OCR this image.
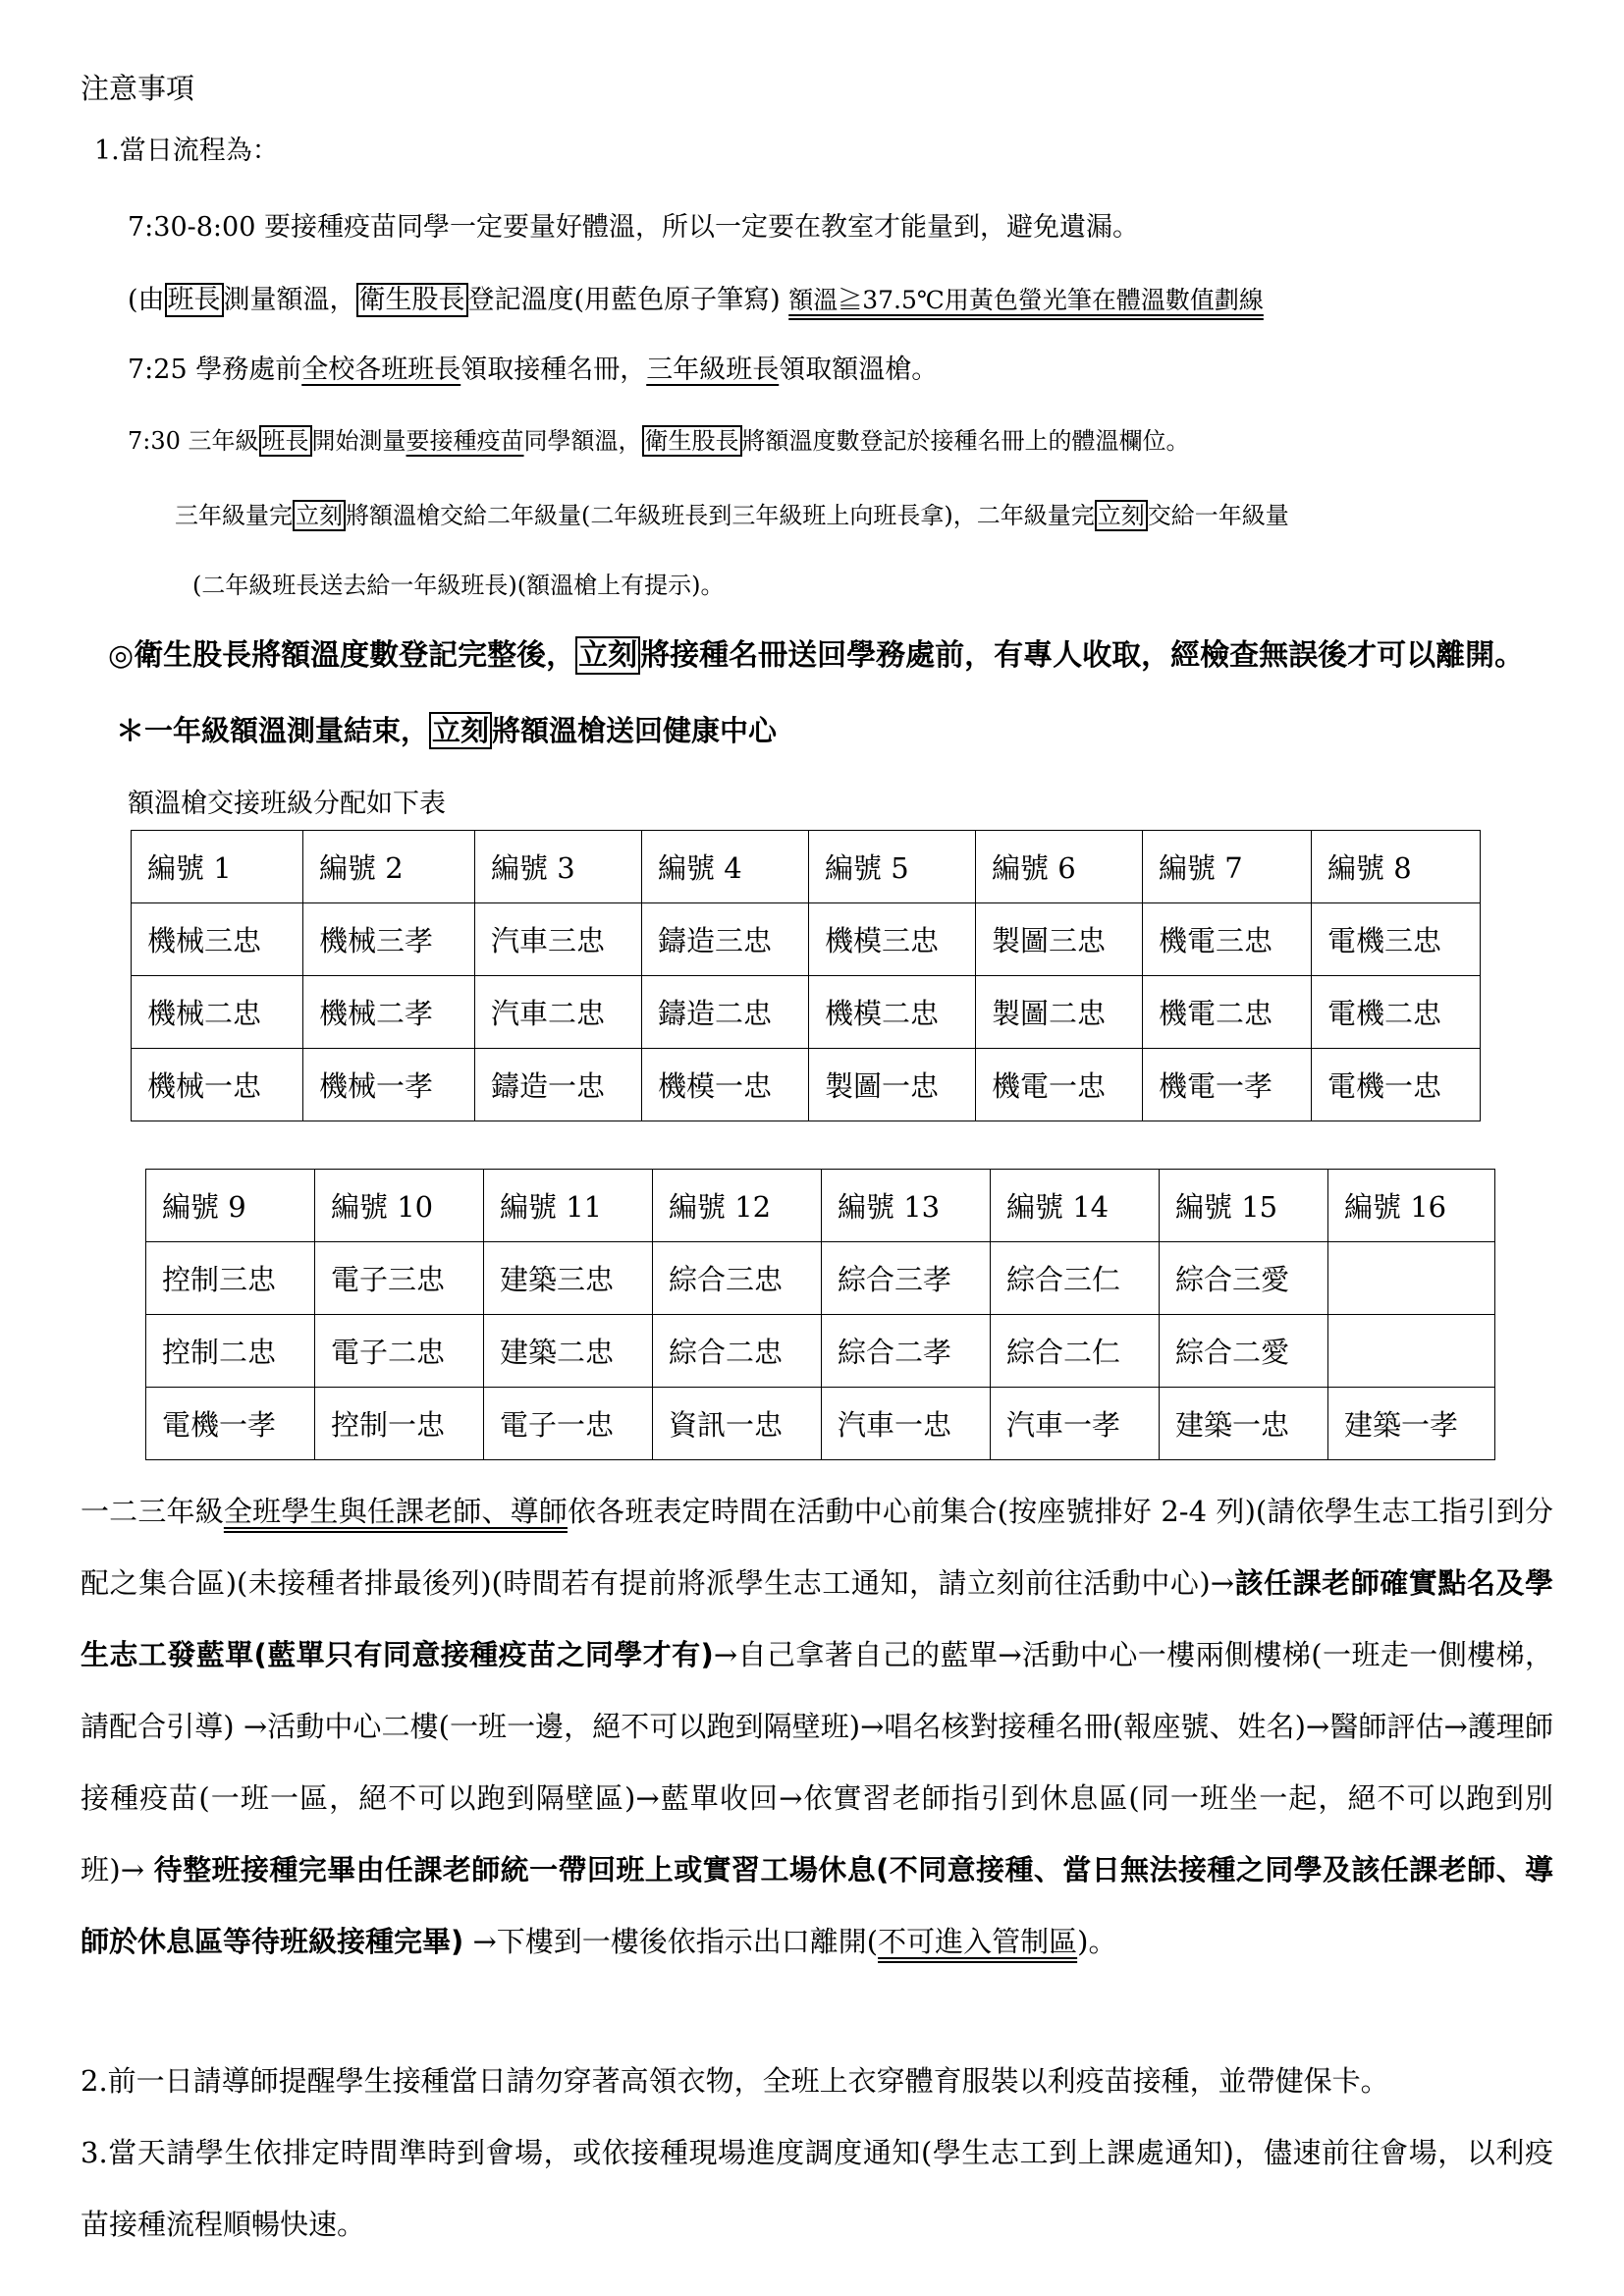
注意事項
1.當日流程為：
7:30-8:00 要接種疫苗同學一定要量好體溫，所以一定要在教室才能量到，避免遺漏。
(由 班長 測量額溫， 衛生股長 登記溫度(用藍色原子筆寫) 額溫≧37.5℃用黃色螢光筆在體溫數值劃線
7:25 學務處前全校各班班長領取接種名冊，三年級班長領取額溫槍。
7:30 三年級 班長 開始測量要接種疫苗同學額溫， 衛生股長 將額溫度數登記於接種名冊上的體溫欄位。
三年級量完 立刻 將額溫槍交給二年級量(二年級班長到三年級班上向班長拿)，二年級量完 立刻 交給一年級量
(二年級班長送去給一年級班長)(額溫槍上有提示)。
◎衛生股長將額溫度數登記完整後， 立刻 將接種名冊送回學務處前，有專人收取，經檢查無誤後才可以離開。
＊一年級額溫測量結束， 立刻 將額溫槍送回健康中心
額溫槍交接班級分配如下表
編號 1	編號 2	編號 3	編號 4	編號 5	編號 6	編號 7	編號 8
機械三忠	機械三孝	汽車三忠	鑄造三忠	機模三忠	製圖三忠	機電三忠	電機三忠
機械二忠	機械二孝	汽車二忠	鑄造二忠	機模二忠	製圖二忠	機電二忠	電機二忠
機械一忠	機械一孝	鑄造一忠	機模一忠	製圖一忠	機電一忠	機電一孝	電機一忠
編號 9	編號 10	編號 11	編號 12	編號 13	編號 14	編號 15	編號 16
控制三忠	電子三忠	建築三忠	綜合三忠	綜合三孝	綜合三仁	綜合三愛	
控制二忠	電子二忠	建築二忠	綜合二忠	綜合二孝	綜合二仁	綜合二愛	
電機一孝	控制一忠	電子一忠	資訊一忠	汽車一忠	汽車一孝	建築一忠	建築一孝
一二三年級全班學生與任課老師、導師依各班表定時間在活動中心前集合(按座號排好 2-4 列)(請依學生志工指引到分配之集合區)(未接種者排最後列)(時間若有提前將派學生志工通知，請立刻前往活動中心)→該任課老師確實點名及學生志工發藍單(藍單只有同意接種疫苗之同學才有)→自己拿著自己的藍單→活動中心一樓兩側樓梯(一班走一側樓梯，請配合引導) →活動中心二樓(一班一邊，絕不可以跑到隔壁班)→唱名核對接種名冊(報座號、姓名)→醫師評估→護理師接種疫苗(一班一區，絕不可以跑到隔壁區)→藍單收回→依實習老師指引到休息區(同一班坐一起，絕不可以跑到別班)→ 待整班接種完畢由任課老師統一帶回班上或實習工場休息(不同意接種、當日無法接種之同學及該任課老師、導師於休息區等待班級接種完畢) →下樓到一樓後依指示出口離開(不可進入管制區)。
2.前一日請導師提醒學生接種當日請勿穿著高領衣物，全班上衣穿體育服裝以利疫苗接種，並帶健保卡。
3.當天請學生依排定時間準時到會場，或依接種現場進度調度通知(學生志工到上課處通知)，儘速前往會場，以利疫苗接種流程順暢快速。
